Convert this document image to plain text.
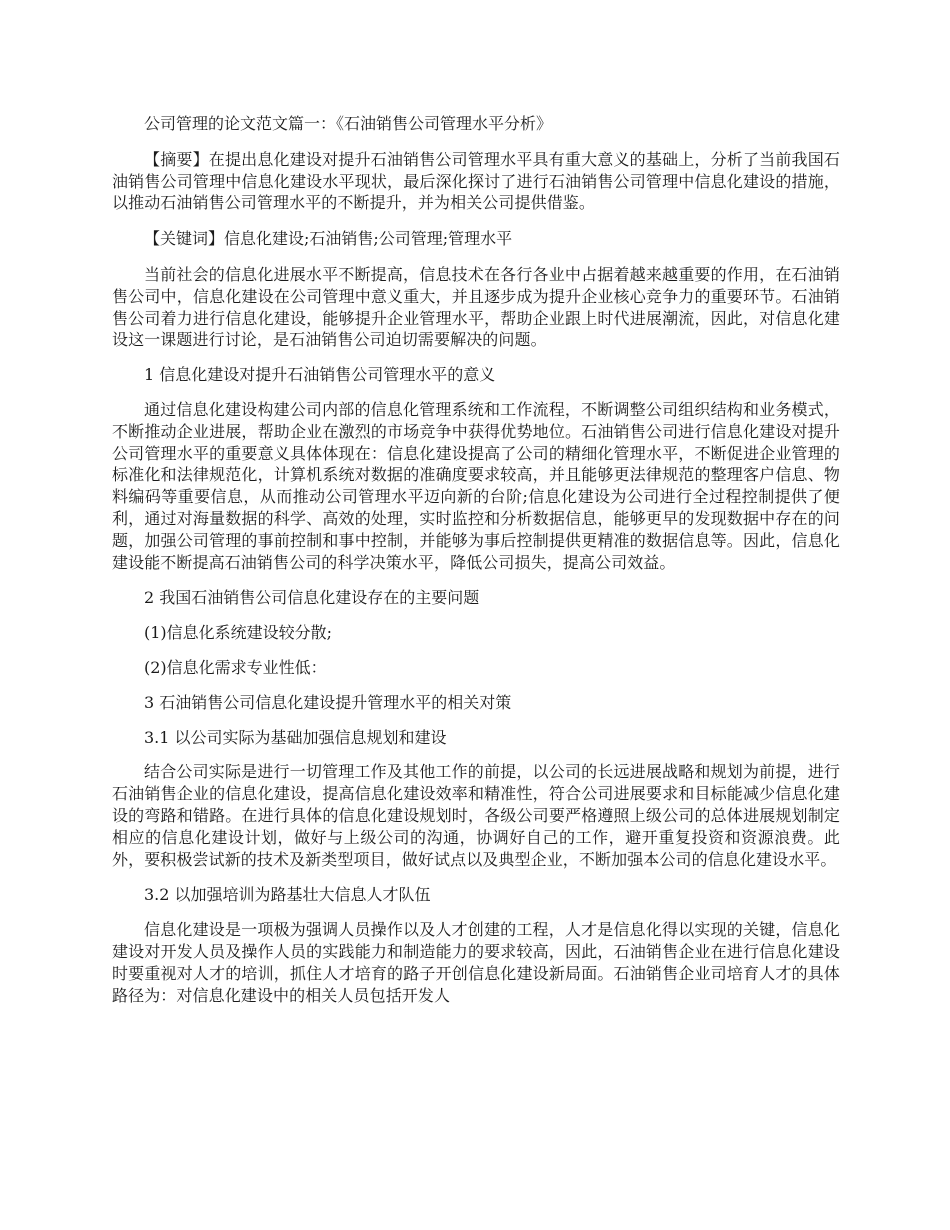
公司管理的论文范文篇一：《石油销售公司管理水平分析》

【摘要】在提出息化建设对提升石油销售公司管理水平具有重大意义的基础上，分析了当前我国石油销售公司管理中信息化建设水平现状，最后深化探讨了进行石油销售公司管理中信息化建设的措施，以推动石油销售公司管理水平的不断提升，并为相关公司提供借鉴。

【关键词】信息化建设;石油销售;公司管理;管理水平

当前社会的信息化进展水平不断提高，信息技术在各行各业中占据着越来越重要的作用，在石油销售公司中，信息化建设在公司管理中意义重大，并且逐步成为提升企业核心竞争力的重要环节。石油销售公司着力进行信息化建设，能够提升企业管理水平，帮助企业跟上时代进展潮流，因此，对信息化建设这一课题进行讨论，是石油销售公司迫切需要解决的问题。

1 信息化建设对提升石油销售公司管理水平的意义

通过信息化建设构建公司内部的信息化管理系统和工作流程，不断调整公司组织结构和业务模式，不断推动企业进展，帮助企业在激烈的市场竞争中获得优势地位。石油销售公司进行信息化建设对提升公司管理水平的重要意义具体体现在：信息化建设提高了公司的精细化管理水平，不断促进企业管理的标准化和法律规范化，计算机系统对数据的准确度要求较高，并且能够更法律规范的整理客户信息、物料编码等重要信息，从而推动公司管理水平迈向新的台阶;信息化建设为公司进行全过程控制提供了便利，通过对海量数据的科学、高效的处理，实时监控和分析数据信息，能够更早的发现数据中存在的问题，加强公司管理的事前控制和事中控制，并能够为事后控制提供更精准的数据信息等。因此，信息化建设能不断提高石油销售公司的科学决策水平，降低公司损失，提高公司效益。

2 我国石油销售公司信息化建设存在的主要问题

(1)信息化系统建设较分散;

(2)信息化需求专业性低：

3 石油销售公司信息化建设提升管理水平的相关对策

3.1 以公司实际为基础加强信息规划和建设

结合公司实际是进行一切管理工作及其他工作的前提，以公司的长远进展战略和规划为前提，进行石油销售企业的信息化建设，提高信息化建设效率和精准性，符合公司进展要求和目标能减少信息化建设的弯路和错路。在进行具体的信息化建设规划时，各级公司要严格遵照上级公司的总体进展规划制定相应的信息化建设计划，做好与上级公司的沟通，协调好自己的工作，避开重复投资和资源浪费。此外，要积极尝试新的技术及新类型项目，做好试点以及典型企业，不断加强本公司的信息化建设水平。

3.2 以加强培训为路基壮大信息人才队伍

信息化建设是一项极为强调人员操作以及人才创建的工程，人才是信息化得以实现的关键，信息化建设对开发人员及操作人员的实践能力和制造能力的要求较高，因此，石油销售企业在进行信息化建设时要重视对人才的培训，抓住人才培育的路子开创信息化建设新局面。石油销售企业司培育人才的具体路径为：对信息化建设中的相关人员包括开发人
